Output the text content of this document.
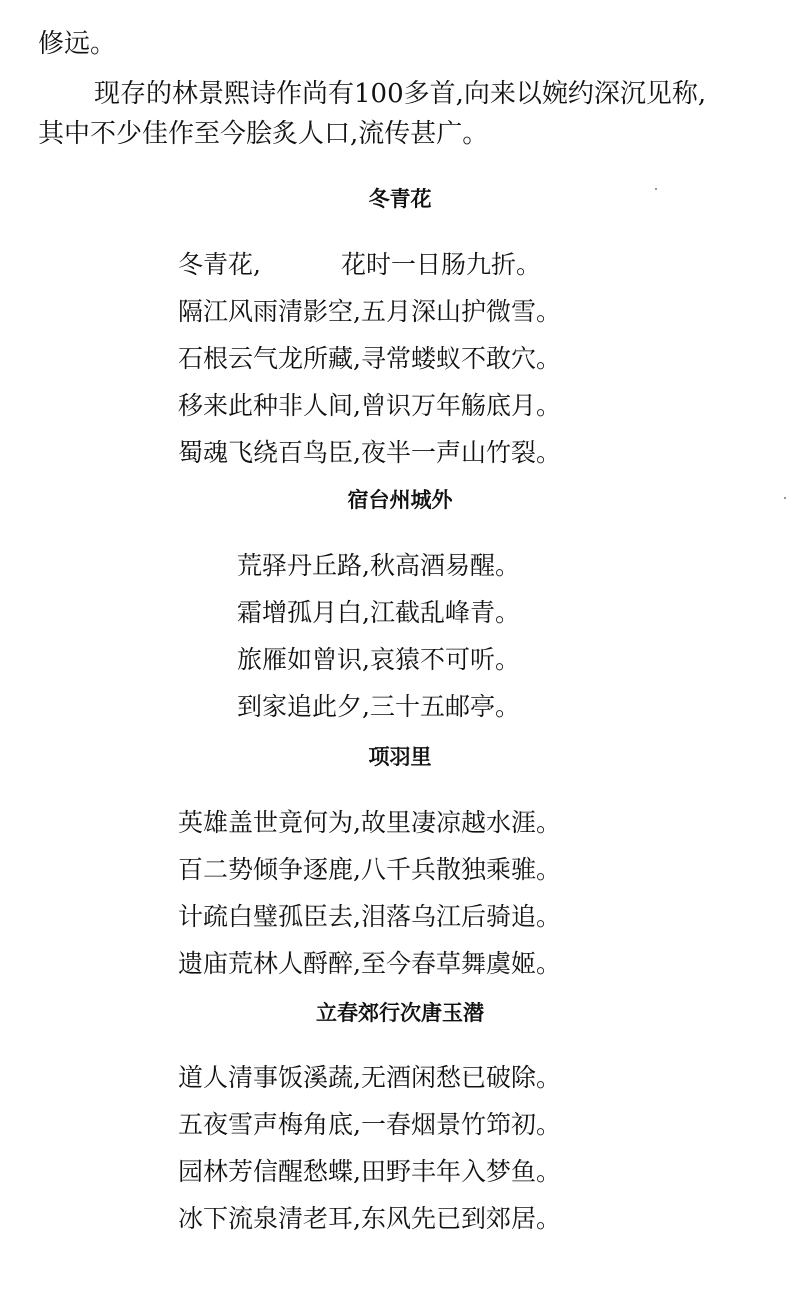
修远。

现存的林景熙诗作尚有100多首,向来以婉约深沉见称,
其中不少佳作至今脍炙人口,流传甚广。

冬青花
冬青花,	花时一日肠九折。
隔江风雨清影空,五月深山护微雪。
石根云气龙所藏,寻常蝼蚁不敢穴。
移来此种非人间,曾识万年觞底月。
蜀魂飞绕百鸟臣,夜半一声山竹裂。
宿台州城外
荒驿丹丘路,秋高酒易醒。
霜增孤月白,江截乱峰青。
旅雁如曾识,哀猿不可听。
到家追此夕,三十五邮亭。
项羽里
英雄盖世竟何为,故里凄凉越水涯。
百二势倾争逐鹿,八千兵散独乘骓。
计疏白璧孤臣去,泪落乌江后骑追。
遗庙荒林人酹醉,至今春草舞虞姬。
立春郊行次唐玉潜
道人清事饭溪蔬,无酒闲愁已破除。
五夜雪声梅角底,一春烟景竹笻初。
园林芳信醒愁蝶,田野丰年入梦鱼。
冰下流泉清老耳,东风先已到郊居。
